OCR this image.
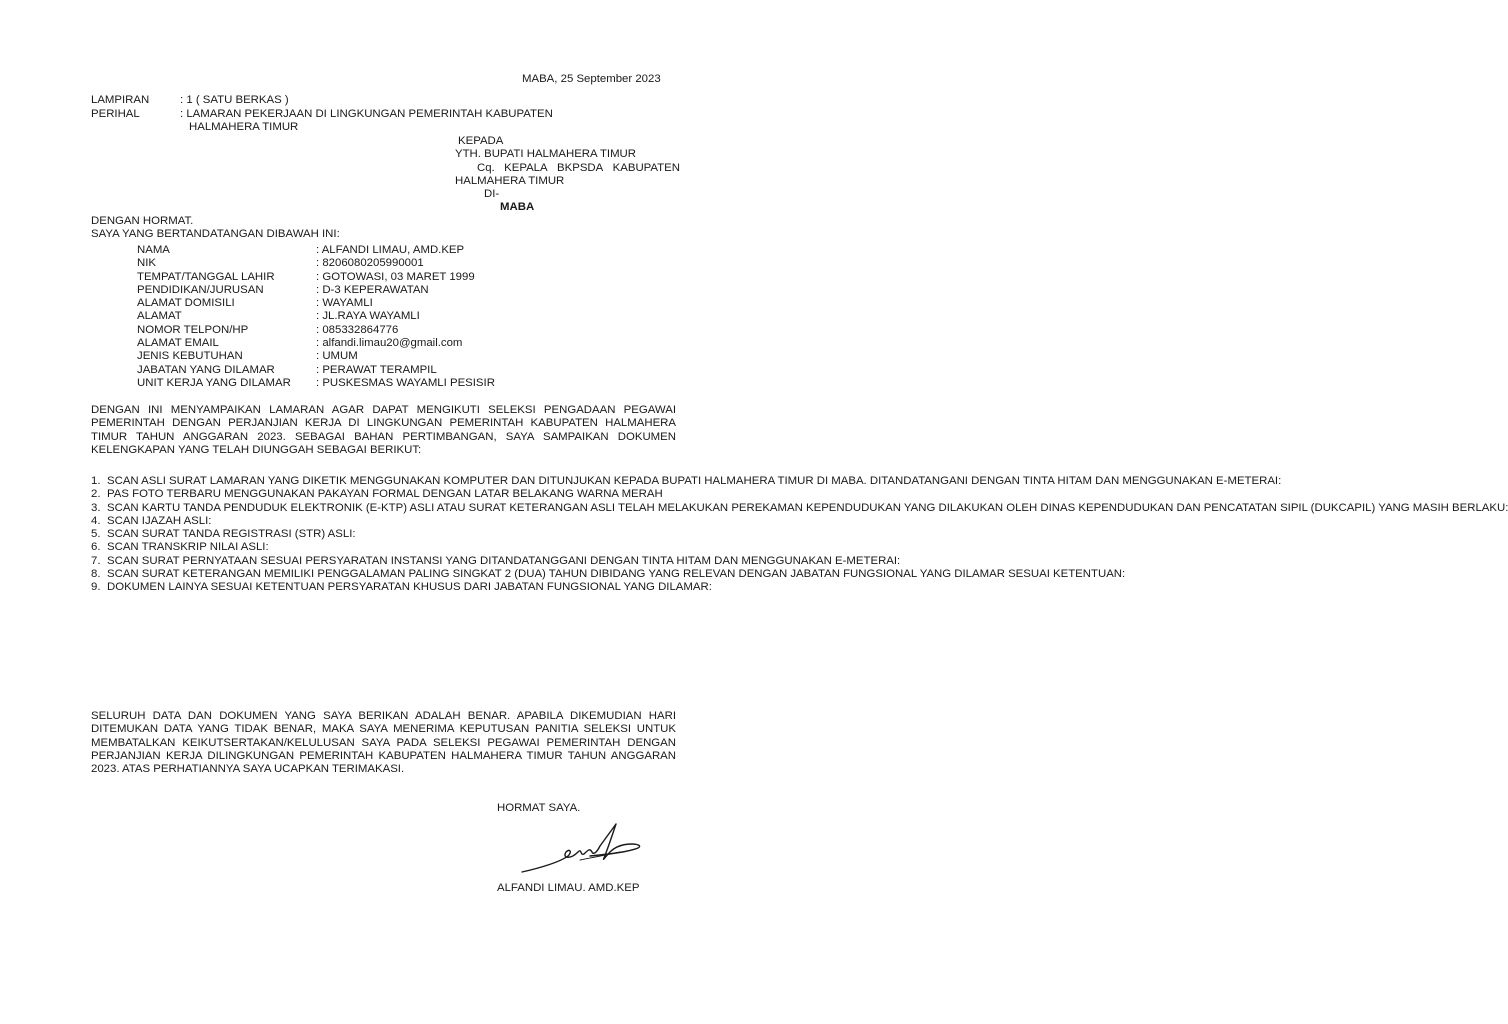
MABA, 25 September 2023
LAMPIRAN	: 1 ( SATU BERKAS )
PERIHAL	: LAMARAN PEKERJAAN DI LINGKUNGAN PEMERINTAH KABUPATEN
HALMAHERA TIMUR
KEPADA
YTH. BUPATI HALMAHERA TIMUR
Cq. KEPALA BKPSDA KABUPATEN
HALMAHERA TIMUR
DI-
MABA
DENGAN HORMAT.
SAYA YANG BERTANDATANGAN DIBAWAH INI:
NAMA	: ALFANDI LIMAU, AMD.KEP
NIK	: 8206080205990001
TEMPAT/TANGGAL LAHIR	: GOTOWASI, 03 MARET 1999
PENDIDIKAN/JURUSAN	: D-3 KEPERAWATAN
ALAMAT DOMISILI	: WAYAMLI
ALAMAT	: JL.RAYA WAYAMLI
NOMOR TELPON/HP	: 085332864776
ALAMAT EMAIL	: alfandi.limau20@gmail.com
JENIS KEBUTUHAN	: UMUM
JABATAN YANG DILAMAR	: PERAWAT TERAMPIL
UNIT KERJA YANG DILAMAR : PUSKESMAS WAYAMLI PESISIR
DENGAN INI MENYAMPAIKAN LAMARAN AGAR DAPAT MENGIKUTI SELEKSI PENGADAAN PEGAWAI PEMERINTAH DENGAN PERJANJIAN KERJA DI LINGKUNGAN PEMERINTAH KABUPATEN HALMAHERA TIMUR TAHUN ANGGARAN 2023. SEBAGAI BAHAN PERTIMBANGAN, SAYA SAMPAIKAN DOKUMEN KELENGKAPAN YANG TELAH DIUNGGAH SEBAGAI BERIKUT:
1. SCAN ASLI SURAT LAMARAN YANG DIKETIK MENGGUNAKAN KOMPUTER DAN DITUNJUKAN KEPADA BUPATI HALMAHERA TIMUR DI MABA. DITANDATANGANI DENGAN TINTA HITAM DAN MENGGUNAKAN E-METERAI:
2. PAS FOTO TERBARU MENGGUNAKAN PAKAYAN FORMAL DENGAN LATAR BELAKANG WARNA MERAH
3. SCAN KARTU TANDA PENDUDUK ELEKTRONIK (E-KTP) ASLI ATAU SURAT KETERANGAN ASLI TELAH MELAKUKAN PEREKAMAN KEPENDUDUKAN YANG DILAKUKAN OLEH DINAS KEPENDUDUKAN DAN PENCATATAN SIPIL (DUKCAPIL) YANG MASIH BERLAKU:
4. SCAN IJAZAH ASLI:
5. SCAN SURAT TANDA REGISTRASI (STR) ASLI:
6. SCAN TRANSKRIP NILAI ASLI:
7. SCAN SURAT PERNYATAAN SESUAI PERSYARATAN INSTANSI YANG DITANDATANGGANI DENGAN TINTA HITAM DAN MENGGUNAKAN E-METERAI:
8. SCAN SURAT KETERANGAN MEMILIKI PENGGALAMAN PALING SINGKAT 2 (DUA) TAHUN DIBIDANG YANG RELEVAN DENGAN JABATAN FUNGSIONAL YANG DILAMAR SESUAI KETENTUAN:
9. DOKUMEN LAINYA SESUAI KETENTUAN PERSYARATAN KHUSUS DARI JABATAN FUNGSIONAL YANG DILAMAR:
SELURUH DATA DAN DOKUMEN YANG SAYA BERIKAN ADALAH BENAR. APABILA DIKEMUDIAN HARI DITEMUKAN DATA YANG TIDAK BENAR, MAKA SAYA MENERIMA KEPUTUSAN PANITIA SELEKSI UNTUK MEMBATALKAN KEIKUTSERTAKAN/KELULUSAN SAYA PADA SELEKSI PEGAWAI PEMERINTAH DENGAN PERJANJIAN KERJA DILINGKUNGAN PEMERINTAH KABUPATEN HALMAHERA TIMUR TAHUN ANGGARAN 2023. ATAS PERHATIANNYA SAYA UCAPKAN TERIMAKASI.
HORMAT SAYA.
ALFANDI LIMAU. AMD.KEP
